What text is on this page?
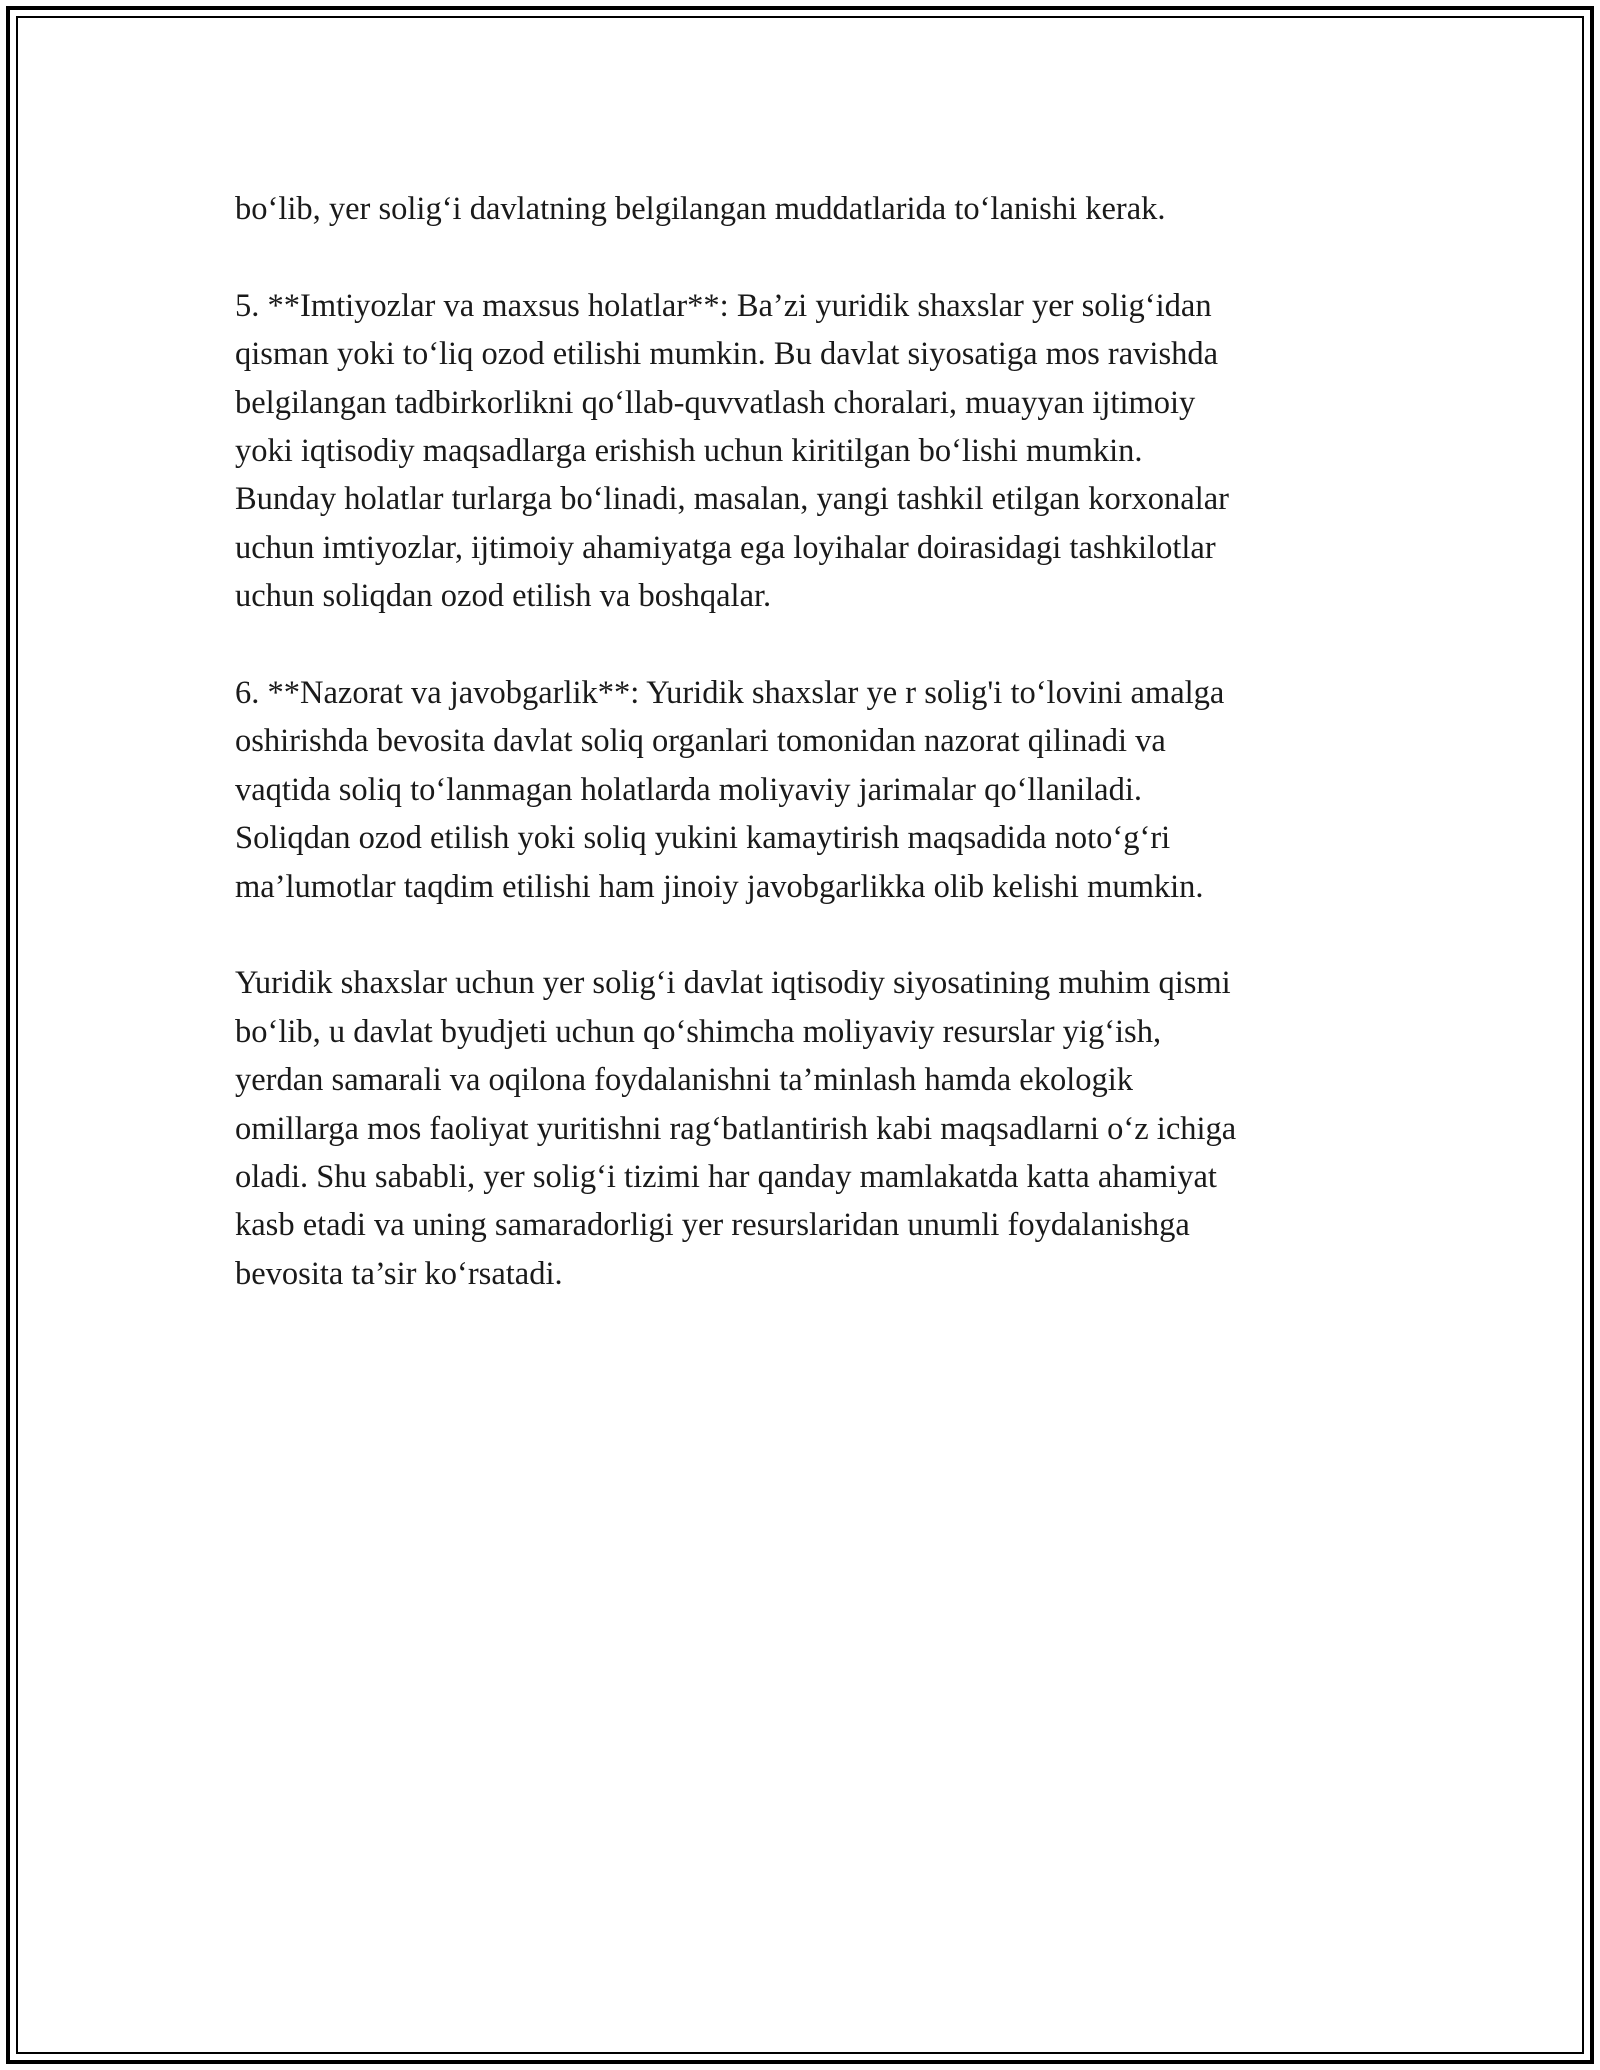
bo‘lib, yer solig‘i davlatning belgilangan muddatlarida to‘lanishi kerak.

5. **Imtiyozlar va maxsus holatlar**: Ba’zi yuridik shaxslar yer solig‘idan
qisman yoki to‘liq ozod etilishi mumkin. Bu davlat siyosatiga mos ravishda
belgilangan tadbirkorlikni qo‘llab-quvvatlash choralari, muayyan ijtimoiy
yoki iqtisodiy maqsadlarga erishish uchun kiritilgan bo‘lishi mumkin.
Bunday holatlar turlarga bo‘linadi, masalan, yangi tashkil etilgan korxonalar
uchun imtiyozlar, ijtimoiy ahamiyatga ega loyihalar doirasidagi tashkilotlar
uchun soliqdan ozod etilish va boshqalar.

6. **Nazorat va javobgarlik**: Yuridik shaxslar ye r solig'i to‘lovini amalga
oshirishda bevosita davlat soliq organlari tomonidan nazorat qilinadi va
vaqtida soliq to‘lanmagan holatlarda moliyaviy jarimalar qo‘llaniladi.
Soliqdan ozod etilish yoki soliq yukini kamaytirish maqsadida noto‘g‘ri
ma’lumotlar taqdim etilishi ham jinoiy javobgarlikka olib kelishi mumkin.

Yuridik shaxslar uchun yer solig‘i davlat iqtisodiy siyosatining muhim qismi
bo‘lib, u davlat byudjeti uchun qo‘shimcha moliyaviy resurslar yig‘ish,
yerdan samarali va oqilona foydalanishni ta’minlash hamda ekologik
omillarga mos faoliyat yuritishni rag‘batlantirish kabi maqsadlarni o‘z ichiga
oladi. Shu sababli, yer solig‘i tizimi har qanday mamlakatda katta ahamiyat
kasb etadi va uning samaradorligi yer resurslaridan unumli foydalanishga
bevosita ta’sir ko‘rsatadi.
